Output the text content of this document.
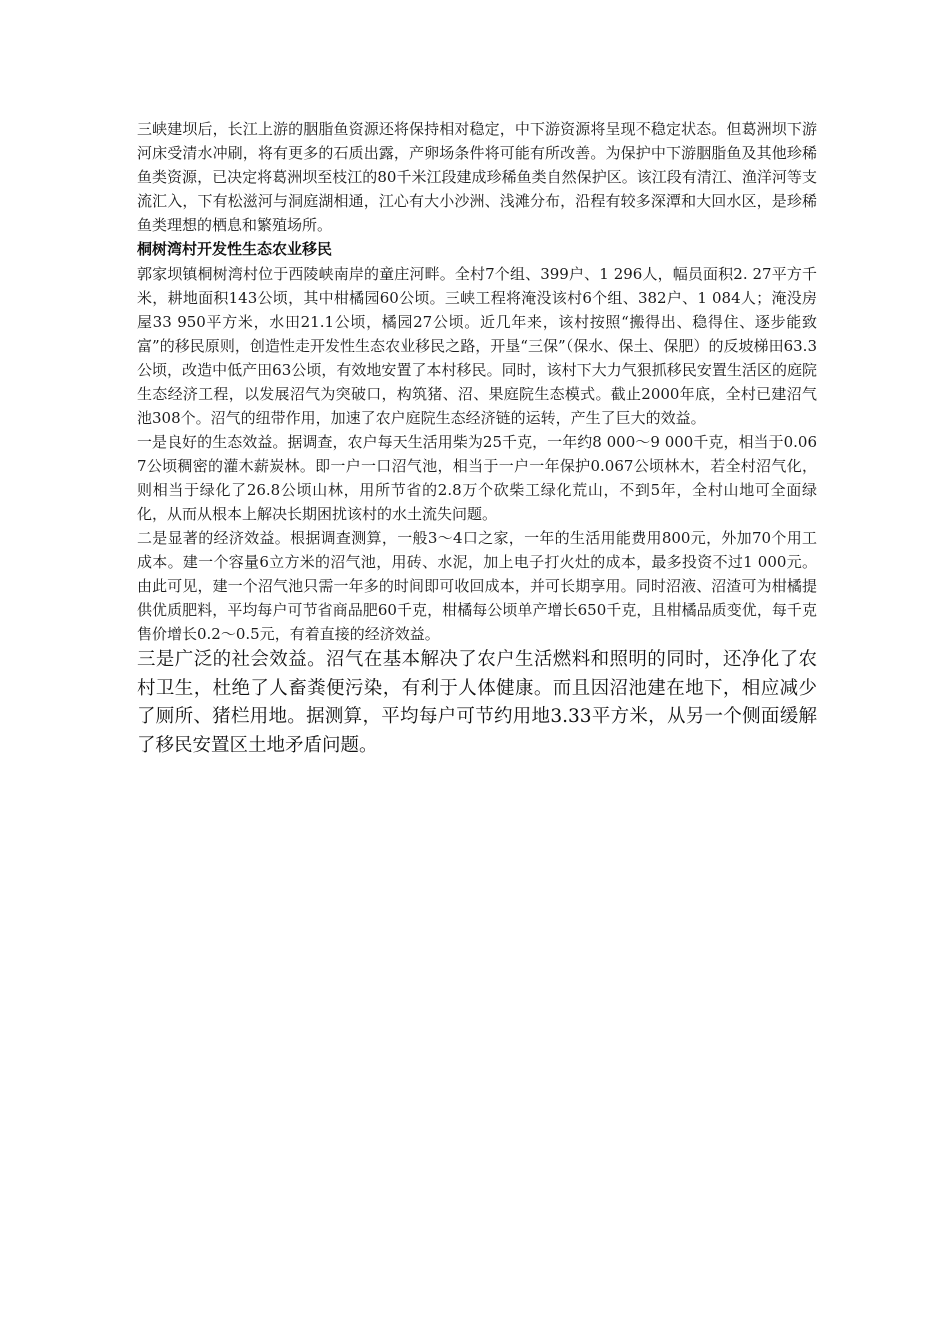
三峡建坝后，长江上游的胭脂鱼资源还将保持相对稳定，中下游资源将呈现不稳定状态。但葛洲坝下游河床受清水冲刷，将有更多的石质出露，产卵场条件将可能有所改善。为保护中下游胭脂鱼及其他珍稀鱼类资源，已决定将葛洲坝至枝江的80千米江段建成珍稀鱼类自然保护区。该江段有清江、渔洋河等支流汇入，下有松滋河与洞庭湖相通，江心有大小沙洲、浅滩分布，沿程有较多深潭和大回水区，是珍稀鱼类理想的栖息和繁殖场所。

桐树湾村开发性生态农业移民

郭家坝镇桐树湾村位于西陵峡南岸的童庄河畔。全村7个组、399户、1 296人，幅员面积2. 27平方千米，耕地面积143公顷，其中柑橘园60公顷。三峡工程将淹没该村6个组、382户、1 084人；淹没房屋33 950平方米，水田21.1公顷，橘园27公顷。近几年来，该村按照“搬得出、稳得住、逐步能致富”的移民原则，创造性走开发性生态农业移民之路，开垦“三保”（保水、保土、保肥）的反坡梯田63.3公顷，改造中低产田63公顷，有效地安置了本村移民。同时，该村下大力气狠抓移民安置生活区的庭院生态经济工程，以发展沼气为突破口，构筑猪、沼、果庭院生态模式。截止2000年底，全村已建沼气池308个。沼气的纽带作用，加速了农户庭院生态经济链的运转，产生了巨大的效益。

一是良好的生态效益。据调查，农户每天生活用柴为25千克，一年约8 000～9 000千克，相当于0.067公顷稠密的灌木薪炭林。即一户一口沼气池，相当于一户一年保护0.067公顷林木，若全村沼气化，则相当于绿化了26.8公顷山林，用所节省的2.8万个砍柴工绿化荒山，不到5年，全村山地可全面绿化，从而从根本上解决长期困扰该村的水土流失问题。

二是显著的经济效益。根据调查测算，一般3～4口之家，一年的生活用能费用800元，外加70个用工成本。建一个容量6立方米的沼气池，用砖、水泥，加上电子打火灶的成本，最多投资不过1 000元。由此可见，建一个沼气池只需一年多的时间即可收回成本，并可长期享用。同时沼液、沼渣可为柑橘提供优质肥料，平均每户可节省商品肥60千克，柑橘每公顷单产增长650千克，且柑橘品质变优，每千克售价增长0.2～0.5元，有着直接的经济效益。

三是广泛的社会效益。沼气在基本解决了农户生活燃料和照明的同时，还净化了农村卫生，杜绝了人畜粪便污染，有利于人体健康。而且因沼池建在地下，相应减少了厕所、猪栏用地。据测算，平均每户可节约用地3.33平方米，从另一个侧面缓解了移民安置区土地矛盾问题。
